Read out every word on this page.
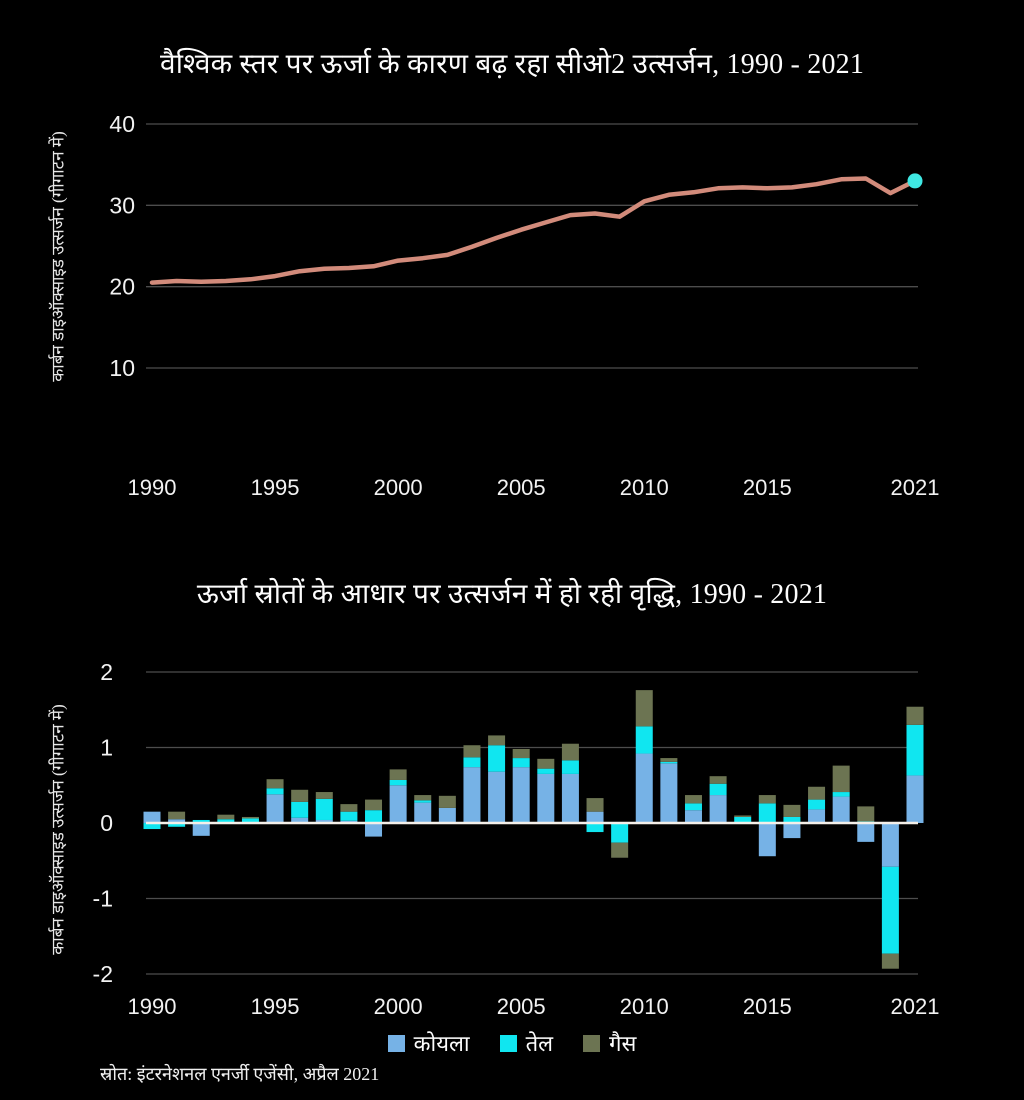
वैश्विक स्तर पर ऊर्जा के कारण बढ़ रहा सीओ2 उत्सर्जन, 1990 - 2021
कार्बन डाइऑक्साइड उत्सर्जन (गीगाटन में)
40
30
20
10
1990	1995	2000	2005	2010	2015	2021
ऊर्जा स्रोतों के आधार पर उत्सर्जन में हो रही वृद्धि, 1990 - 2021
कार्बन डाइऑक्साइड उत्सर्जन (गीगाटन में)
2
1
0
-1
-2
1990	1995	2000	2005	2010	2015	2021
कोयला	तेल	गैस
स्रोत: इंटरनेशनल एनर्जी एजेंसी, अप्रैल 2021
